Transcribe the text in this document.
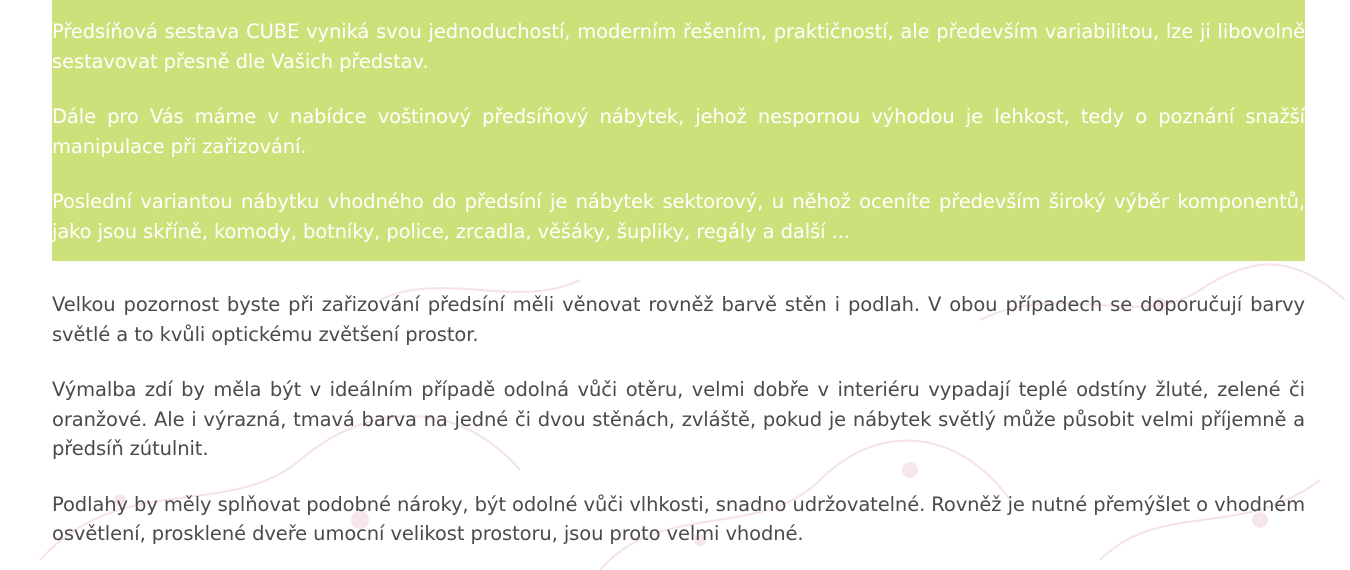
Předsíňová sestava CUBE vyniká svou jednoduchostí, moderním řešením, praktičností, ale především variabilitou, lze ji libovolně sestavovat přesně dle Vašich představ.

Dále pro Vás máme v nabídce voštinový předsíňový nábytek, jehož nespornou výhodou je lehkost, tedy o poznání snažší manipulace při zařizování.

Poslední variantou nábytku vhodného do předsíní je nábytek sektorový, u něhož oceníte především široký výběr komponentů, jako jsou skříně, komody, botníky, police, zrcadla, věšáky, šupliky, regály a další ...

Velkou pozornost byste při zařizování předsíní měli věnovat rovněž barvě stěn i podlah. V obou případech se doporučují barvy světlé a to kvůli optickému zvětšení prostor.

Výmalba zdí by měla být v ideálním případě odolná vůči otěru, velmi dobře v interiéru vypadají teplé odstíny žluté, zelené či oranžové. Ale i výrazná, tmavá barva na jedné či dvou stěnách, zvláště, pokud je nábytek světlý může působit velmi příjemně a předsíň zútulnit.

Podlahy by měly splňovat podobné nároky, být odolné vůči vlhkosti, snadno udržovatelné. Rovněž je nutné přemýšlet o vhodném osvětlení, prosklené dveře umocní velikost prostoru, jsou proto velmi vhodné.
